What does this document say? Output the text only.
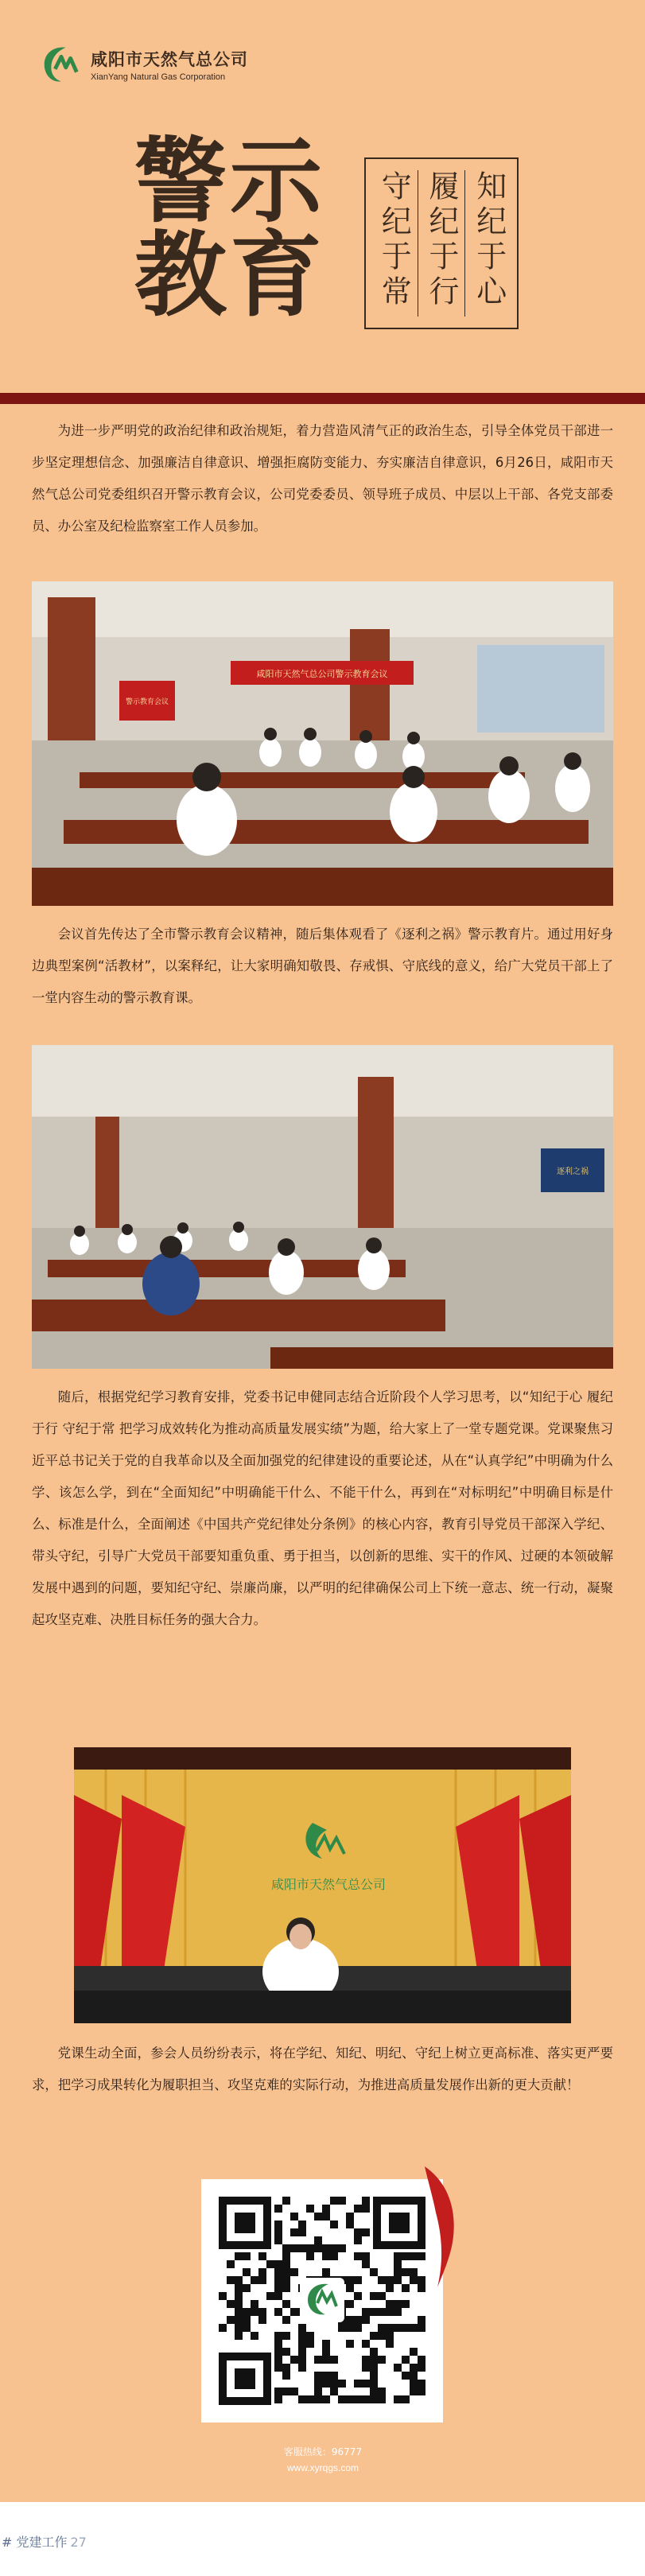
咸阳市天然气总公司
XianYang Natural Gas Corporation
警示
教育	知纪于心
履纪于行
守纪于常

为进一步严明党的政治纪律和政治规矩，着力营造风清气正的政治生态，引导全体党员干部进一步坚定理想信念、加强廉洁自律意识、增强拒腐防变能力、夯实廉洁自律意识，6月26日，咸阳市天然气总公司党委组织召开警示教育会议，公司党委委员、领导班子成员、中层以上干部、各党支部委员、办公室及纪检监察室工作人员参加。

咸阳市天然气总公司警示教育会议
警示教育会议

会议首先传达了全市警示教育会议精神，随后集体观看了《逐利之祸》警示教育片。通过用好身边典型案例“活教材”，以案释纪，让大家明确知敬畏、存戒惧、守底线的意义，给广大党员干部上了一堂内容生动的警示教育课。

逐利之祸

随后，根据党纪学习教育安排，党委书记申健同志结合近阶段个人学习思考，以“知纪于心 履纪于行 守纪于常 把学习成效转化为推动高质量发展实绩”为题，给大家上了一堂专题党课。党课聚焦习近平总书记关于党的自我革命以及全面加强党的纪律建设的重要论述，从在“认真学纪”中明确为什么学、该怎么学，到在“全面知纪”中明确能干什么、不能干什么，再到在“对标明纪”中明确目标是什么、标准是什么，全面阐述《中国共产党纪律处分条例》的核心内容，教育引导党员干部深入学纪、带头守纪，引导广大党员干部要知重负重、勇于担当，以创新的思维、实干的作风、过硬的本领破解发展中遇到的问题，要知纪守纪、崇廉尚廉，以严明的纪律确保公司上下统一意志、统一行动，凝聚起攻坚克难、决胜目标任务的强大合力。

咸阳市天然气总公司

党课生动全面，参会人员纷纷表示，将在学纪、知纪、明纪、守纪上树立更高标准、落实更严要求，把学习成果转化为履职担当、攻坚克难的实际行动，为推进高质量发展作出新的更大贡献！

客服热线：96777
www.xyrqgs.com
# 党建工作 27
